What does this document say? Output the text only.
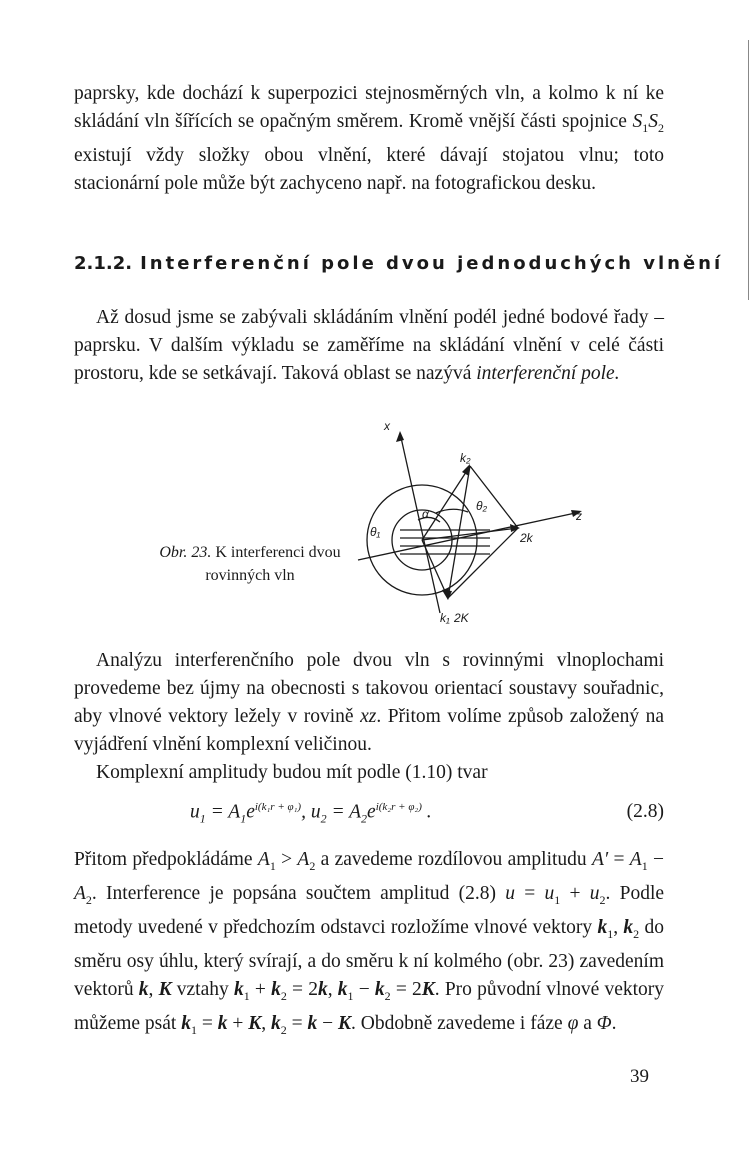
paprsky, kde dochází k superpozici stejnosměrných vln, a kolmo k ní ke skládání vln šířících se opačným směrem. Kromě vnější části spojnice $S_1S_2$ existují vždy složky obou vlnění, které dávají stojatou vlnu; toto stacionární pole může být zachyceno např. na fotografickou desku.

2.1.2. Interferenční pole dvou jednoduchých vlnění

Až dosud jsme se zabývali skládáním vlnění podél jedné bodové řady – paprsku. V dalším výkladu se zaměříme na skládání vlnění v celé části prostoru, kde se setkávají. Taková oblast se nazývá interferenční pole.

Obr. 23. K interferenci dvou rovinných vln

x
z
k₂
θ₂
θ₁
α
2k
k₁ 2K

Analýzu interferenčního pole dvou vln s rovinnými vlnoplochami provedeme bez újmy na obecnosti s takovou orientací soustavy souřadnic, aby vlnové vektory ležely v rovině xz. Přitom volíme způsob založený na vyjádření vlnění komplexní veličinou.

Komplexní amplitudy budou mít podle (1.10) tvar

$u_1 = A_1e^{i(k_1r + \varphi_1)}$, $u_2 = A_2e^{i(k_2r + \varphi_2)}$ .	(2.8)

Přitom předpokládáme $A_1 > A_2$ a zavedeme rozdílovou amplitudu $A' = A_1 - A_2$. Interference je popsána součtem amplitud (2.8) $u = u_1 + u_2$. Podle metody uvedené v předchozím odstavci rozložíme vlnové vektory $k_1$, $k_2$ do směru osy úhlu, který svírají, a do směru k ní kolmého (obr. 23) zavedením vektorů k, K vztahy $k_1 + k_2 = 2k$, $k_1 - k_2 = 2K$. Pro původní vlnové vektory můžeme psát $k_1 = k + K$, $k_2 = k - K$. Obdobně zavedeme i fáze φ a Φ.

39
